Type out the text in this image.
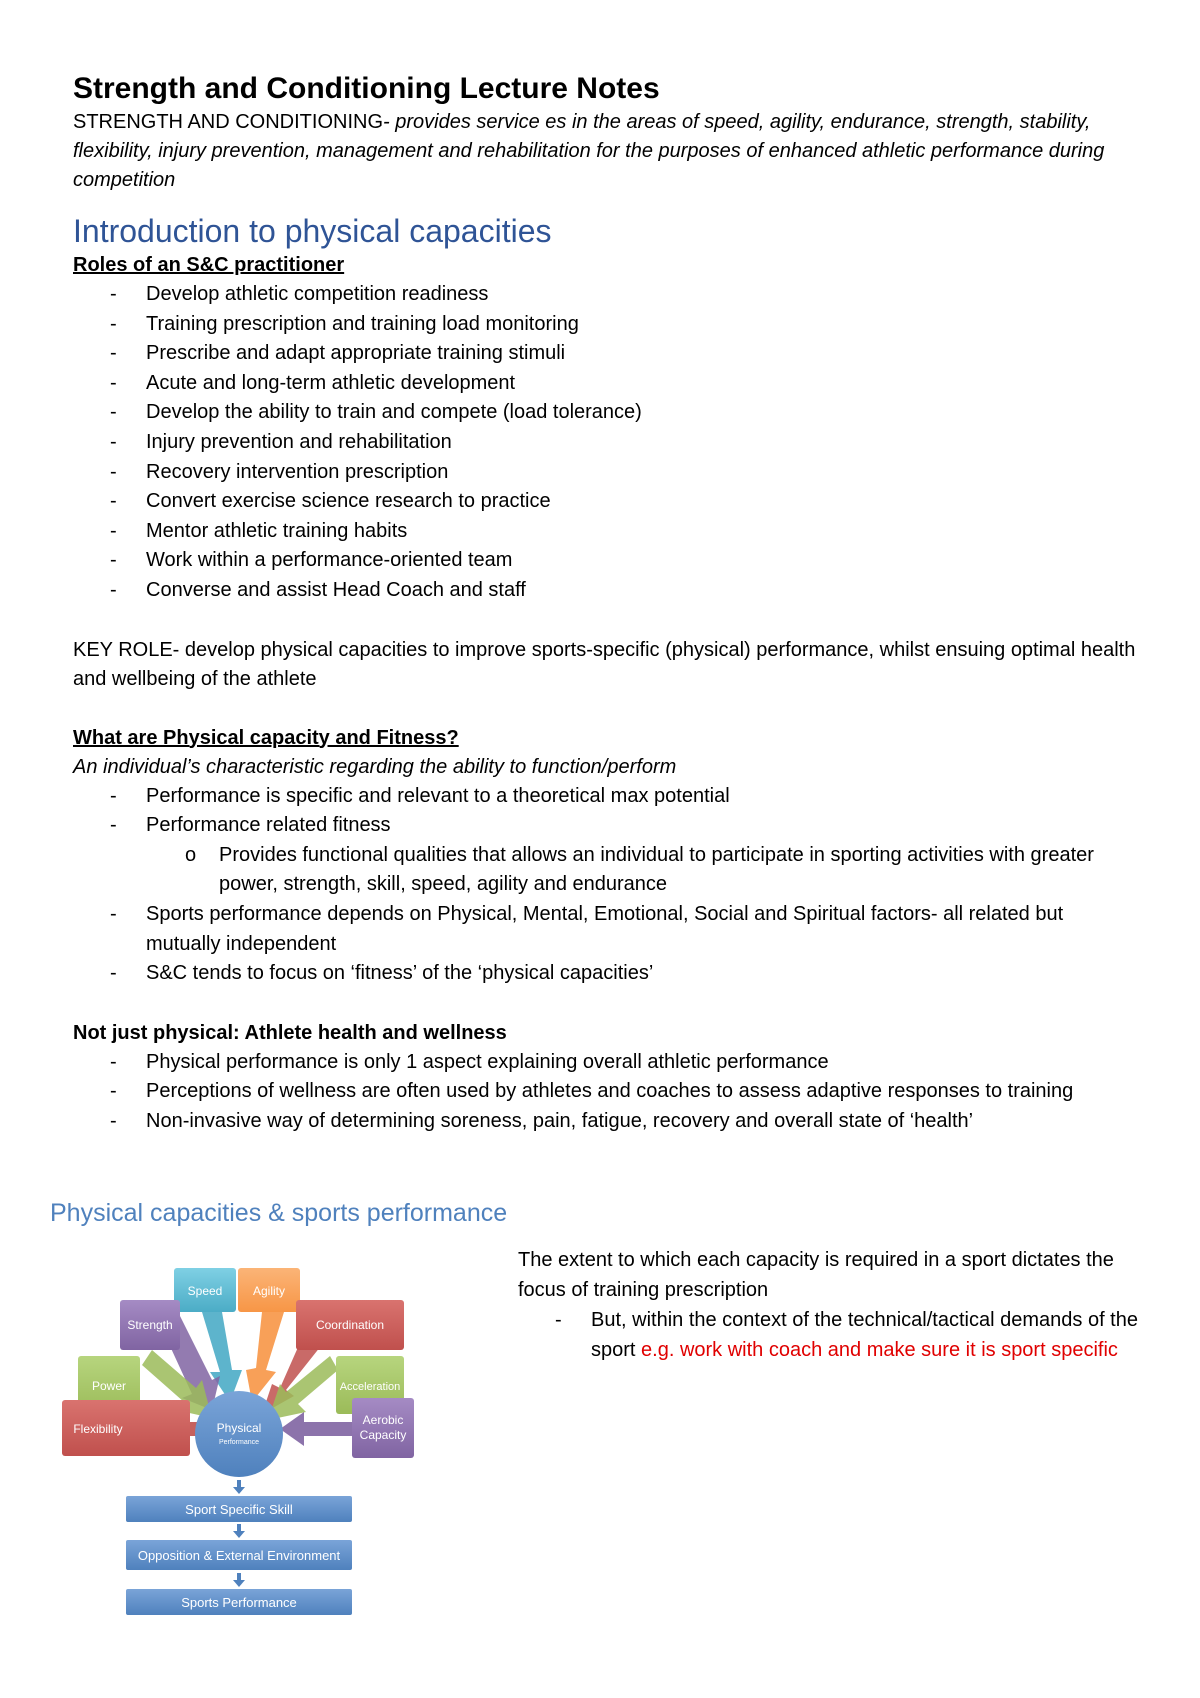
Strength and Conditioning Lecture Notes

STRENGTH AND CONDITIONING- provides service es in the areas of speed, agility, endurance, strength, stability, flexibility, injury prevention, management and rehabilitation for the purposes of enhanced athletic performance during competition

Introduction to physical capacities

Roles of an S&C practitioner

- Develop athletic competition readiness
- Training prescription and training load monitoring
- Prescribe and adapt appropriate training stimuli
- Acute and long-term athletic development
- Develop the ability to train and compete (load tolerance)
- Injury prevention and rehabilitation
- Recovery intervention prescription
- Convert exercise science research to practice
- Mentor athletic training habits
- Work within a performance-oriented team
- Converse and assist Head Coach and staff

KEY ROLE- develop physical capacities to improve sports-specific (physical) performance, whilst ensuing optimal health and wellbeing of the athlete

What are Physical capacity and Fitness?

An individual’s characteristic regarding the ability to function/perform

- Performance is specific and relevant to a theoretical max potential
- Performance related fitness
o Provides functional qualities that allows an individual to participate in sporting activities with greater power, strength, skill, speed, agility and endurance
- Sports performance depends on Physical, Mental, Emotional, Social and Spiritual factors- all related but mutually independent
- S&C tends to focus on ‘fitness’ of the ‘physical capacities’

Not just physical: Athlete health and wellness

- Physical performance is only 1 aspect explaining overall athletic performance
- Perceptions of wellness are often used by athletes and coaches to assess adaptive responses to training
- Non-invasive way of determining soreness, pain, fatigue, recovery and overall state of ‘health’
Physical capacities & sports performance
Speed	Agility
Strength	Coordination
Power	Acceleration
Flexibility
Aerobic
Capacity
Physical
Performance
Sport Specific Skill
Opposition & External Environment
Sports Performance

The extent to which each capacity is required in a sport dictates the focus of training prescription

- But, within the context of the technical/tactical demands of the sport e.g. work with coach and make sure it is sport specific
